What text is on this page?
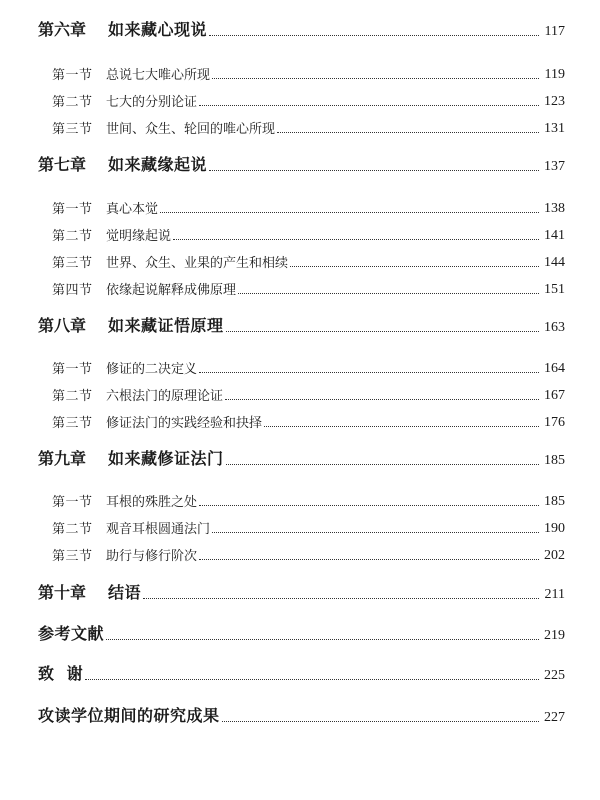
第六章	如来藏心现说	117
第一节	总说七大唯心所现	119
第二节	七大的分别论证	123
第三节	世间、众生、轮回的唯心所现	131
第七章	如来藏缘起说	137
第一节	真心本觉	138
第二节	觉明缘起说	141
第三节	世界、众生、业果的产生和相续	144
第四节	依缘起说解释成佛原理	151
第八章	如来藏证悟原理	163
第一节	修证的二决定义	164
第二节	六根法门的原理论证	167
第三节	修证法门的实践经验和抉择	176
第九章	如来藏修证法门	185
第一节	耳根的殊胜之处	185
第二节	观音耳根圆通法门	190
第三节	助行与修行阶次	202
第十章	结语	211
参考文献	219
致  谢	225
攻读学位期间的研究成果	227
